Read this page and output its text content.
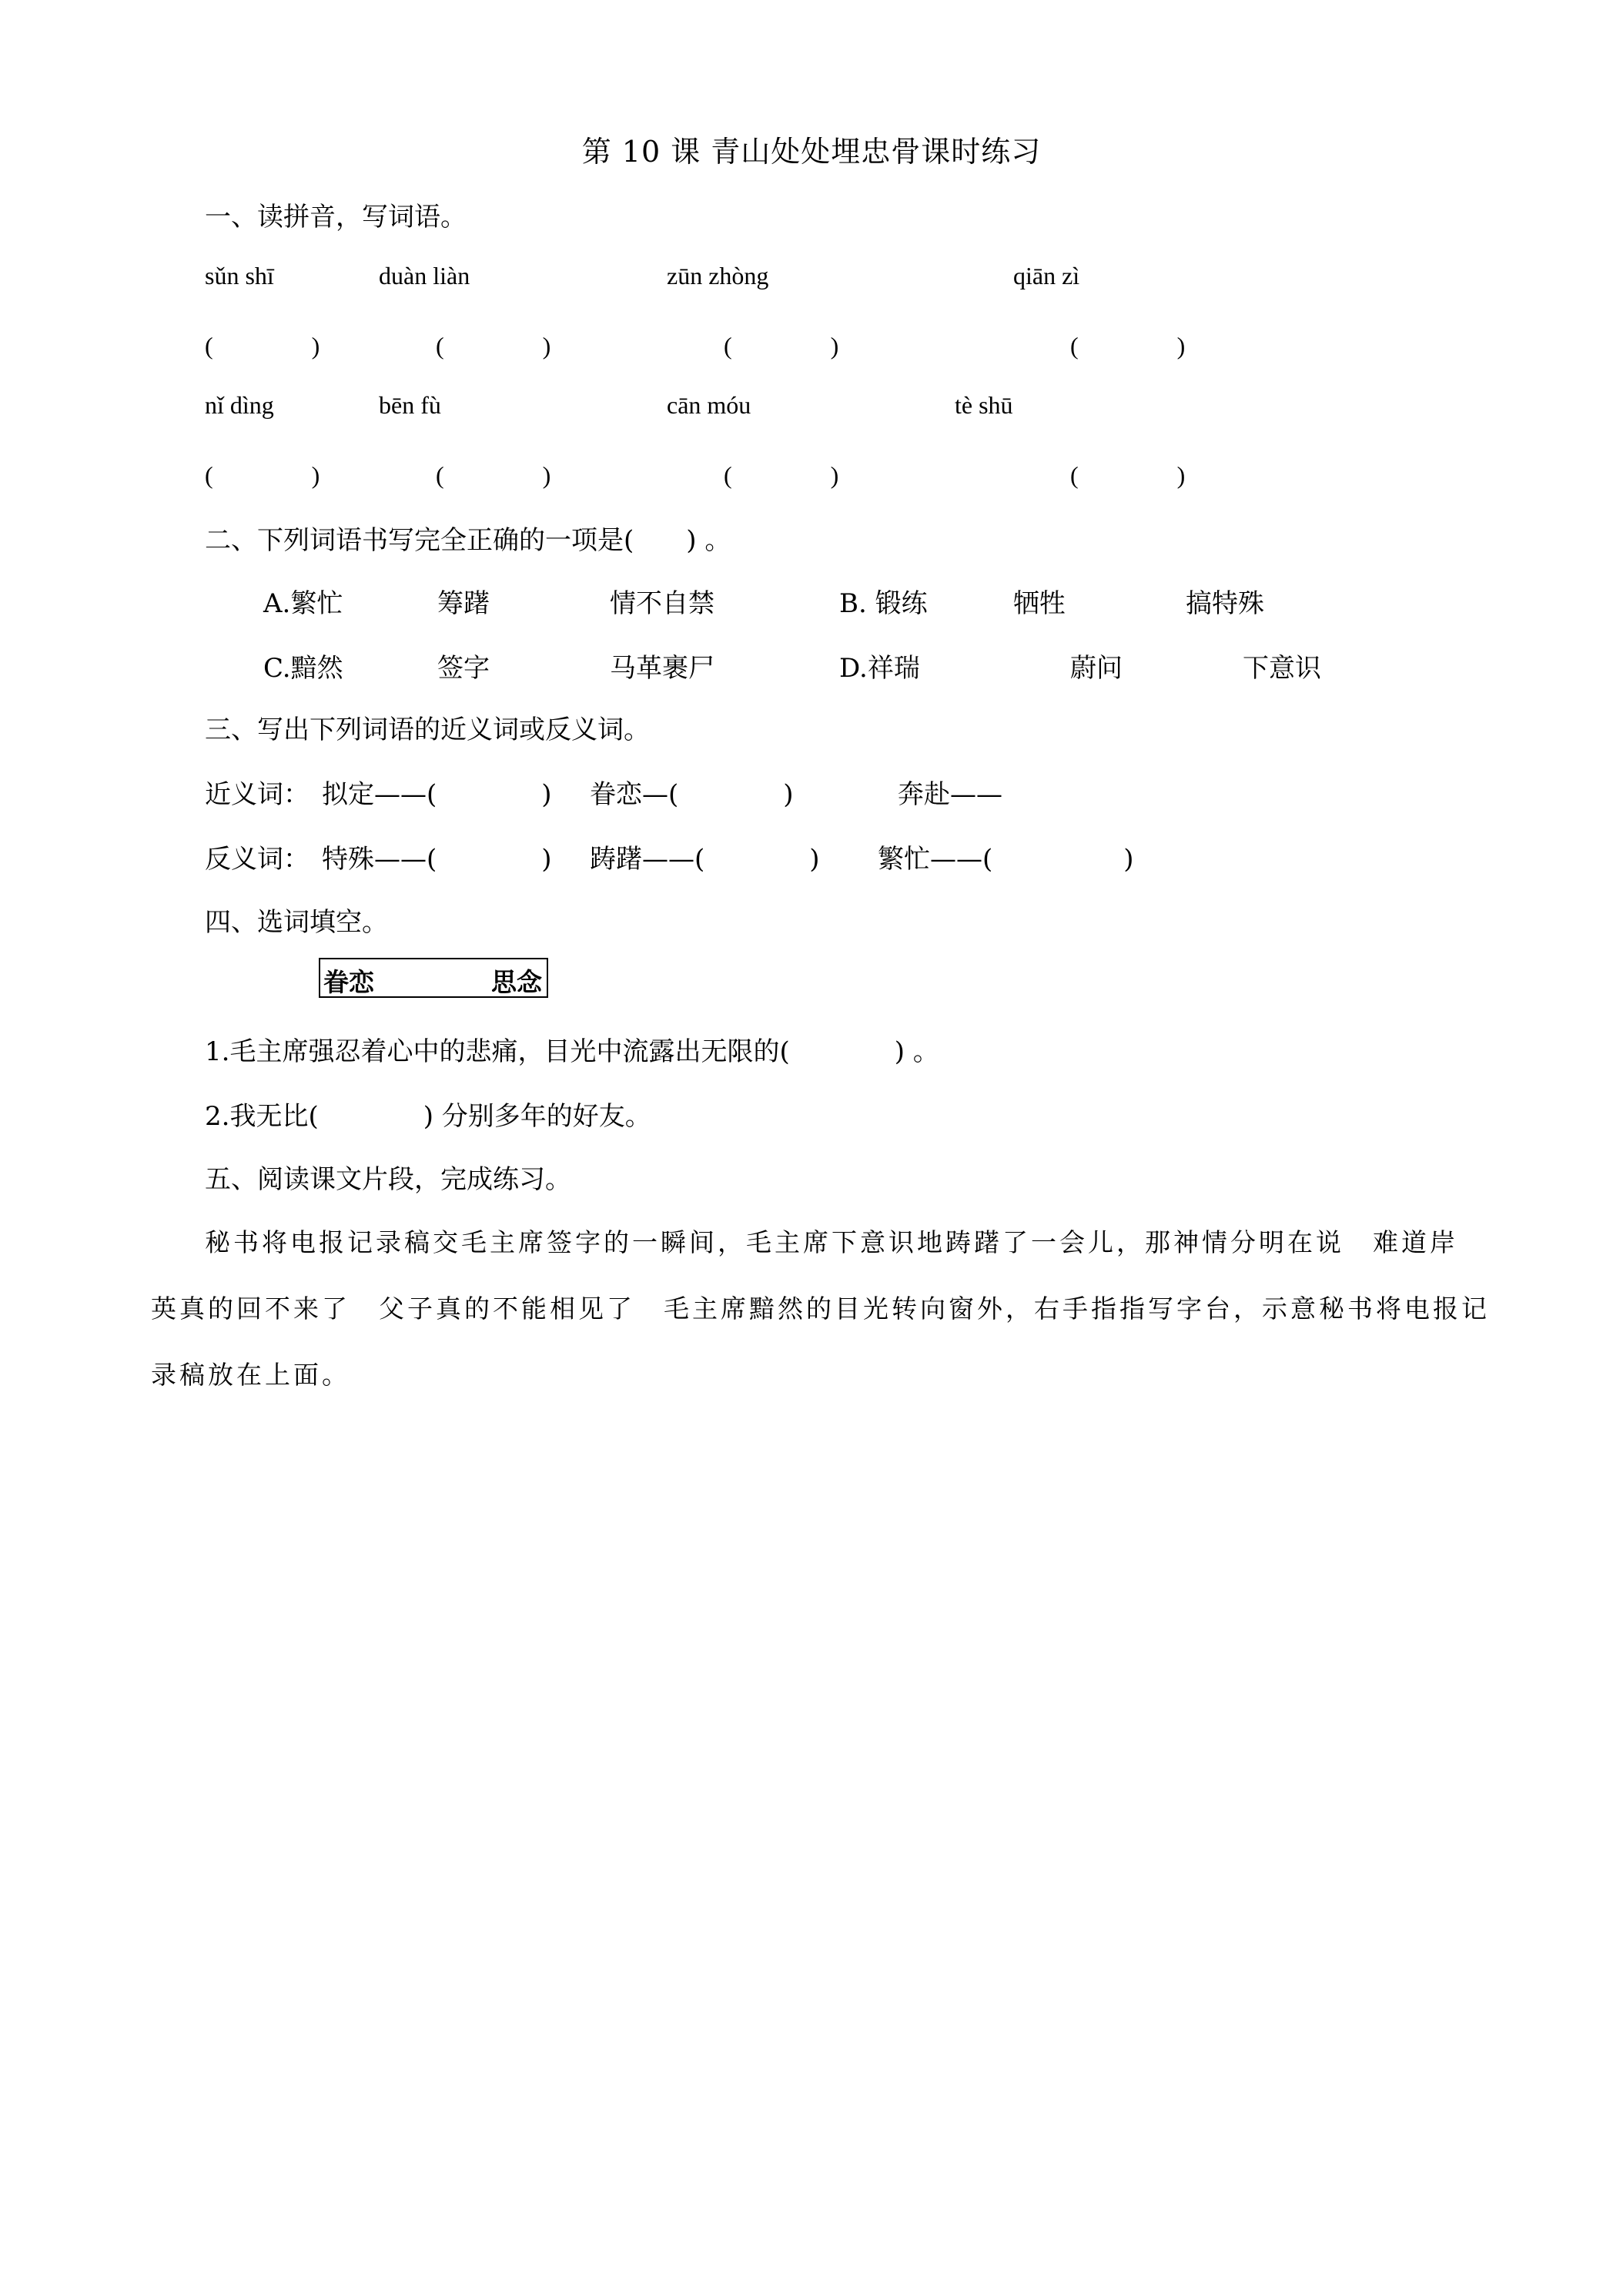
第 10 课 青山处处埋忠骨课时练习
一、读拼音，写词语。
sǔn shī	duàn liàn	zūn zhòng	qiān zì
(　　　　)	(　　　　)	(　　　　)	(　　　　)
nǐ dìng	bēn fù	cān móu	tè shū
(　　　　)	(　　　　)	(　　　　)	(　　　　)
二、下列词语书写完全正确的一项是(　　) 。
A.繁忙	筹躇	情不自禁	B. 锻练	牺牲	搞特殊
C.黯然	签字	马革裹尸	D.祥瑞	蔚问	下意识
三、写出下列词语的近义词或反义词。
近义词： 拟定——(　　　　) 眷恋—(　　　　)	奔赴——
反义词： 特殊——(　　　　) 踌躇——(　　　　) 繁忙——(　　　　　)
四、选词填空。
眷恋	思念
1.毛主席强忍着心中的悲痛，目光中流露出无限的(　　　　) 。
2.我无比(　　　　) 分别多年的好友。
五、阅读课文片段，完成练习。
秘书将电报记录稿交毛主席签字的一瞬间，毛主席下意识地踌躇了一会儿，那神情分明在说　难道岸
英真的回不来了　父子真的不能相见了　毛主席黯然的目光转向窗外，右手指指写字台，示意秘书将电报记
录稿放在上面。
